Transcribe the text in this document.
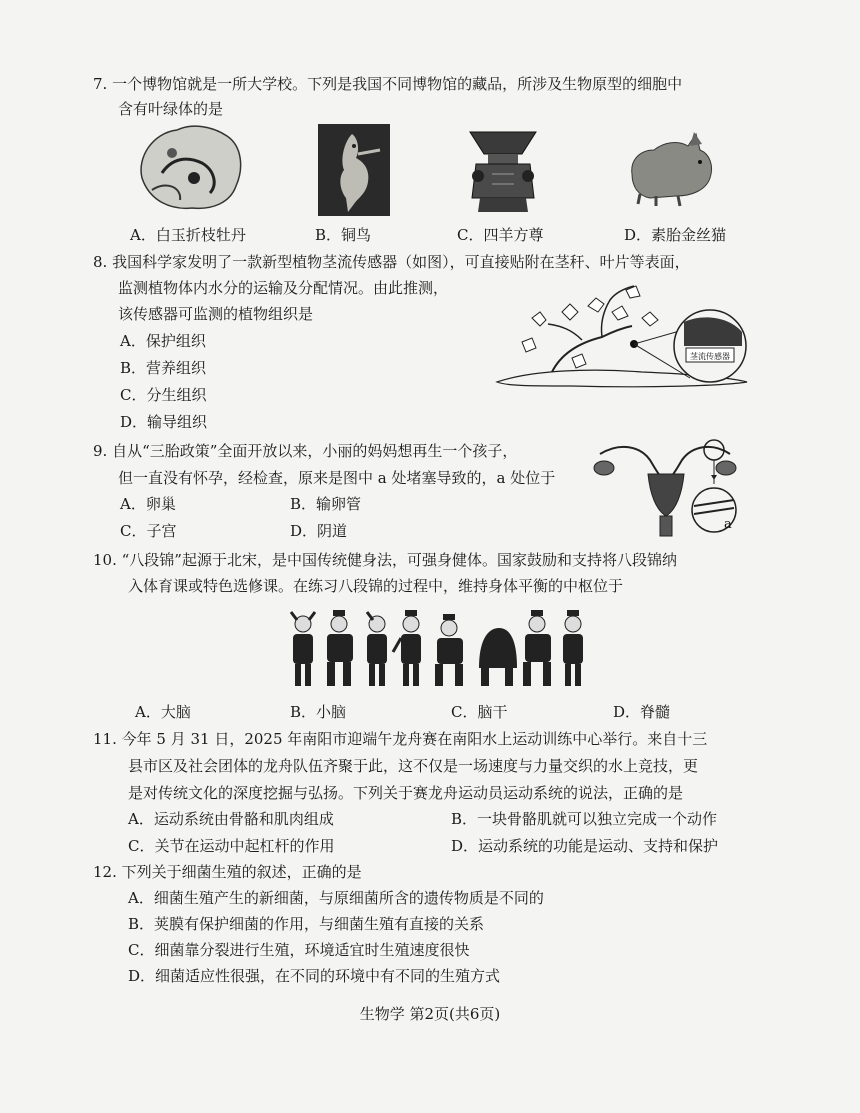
7. 一个博物馆就是一所大学校。下列是我国不同博物馆的藏品，所涉及生物原型的细胞中
含有叶绿体的是
A．白玉折枝牡丹	B．铜鸟	C．四羊方尊	D．素胎金丝猫
8. 我国科学家发明了一款新型植物茎流传感器（如图），可直接贴附在茎秆、叶片等表面，
监测植物体内水分的运输及分配情况。由此推测，
该传感器可监测的植物组织是
A．保护组织
B．营养组织
C．分生组织
D．输导组织
茎流传感器
9. 自从“三胎政策”全面开放以来，小丽的妈妈想再生一个孩子，
但一直没有怀孕，经检查，原来是图中 a 处堵塞导致的，a 处位于
A．卵巢	B．输卵管
C．子宫	D．阴道	a
10. “八段锦”起源于北宋，是中国传统健身法，可强身健体。国家鼓励和支持将八段锦纳
入体育课或特色选修课。在练习八段锦的过程中，维持身体平衡的中枢位于
A．大脑	B．小脑	C．脑干	D．脊髓
11. 今年 5 月 31 日，2025 年南阳市迎端午龙舟赛在南阳水上运动训练中心举行。来自十三
县市区及社会团体的龙舟队伍齐聚于此，这不仅是一场速度与力量交织的水上竞技，更
是对传统文化的深度挖掘与弘扬。下列关于赛龙舟运动员运动系统的说法，正确的是
A．运动系统由骨骼和肌肉组成	B．一块骨骼肌就可以独立完成一个动作
C．关节在运动中起杠杆的作用	D．运动系统的功能是运动、支持和保护
12. 下列关于细菌生殖的叙述，正确的是
A．细菌生殖产生的新细菌，与原细菌所含的遗传物质是不同的
B．荚膜有保护细菌的作用，与细菌生殖有直接的关系
C．细菌靠分裂进行生殖，环境适宜时生殖速度很快
D．细菌适应性很强，在不同的环境中有不同的生殖方式
生物学 第2页(共6页)
